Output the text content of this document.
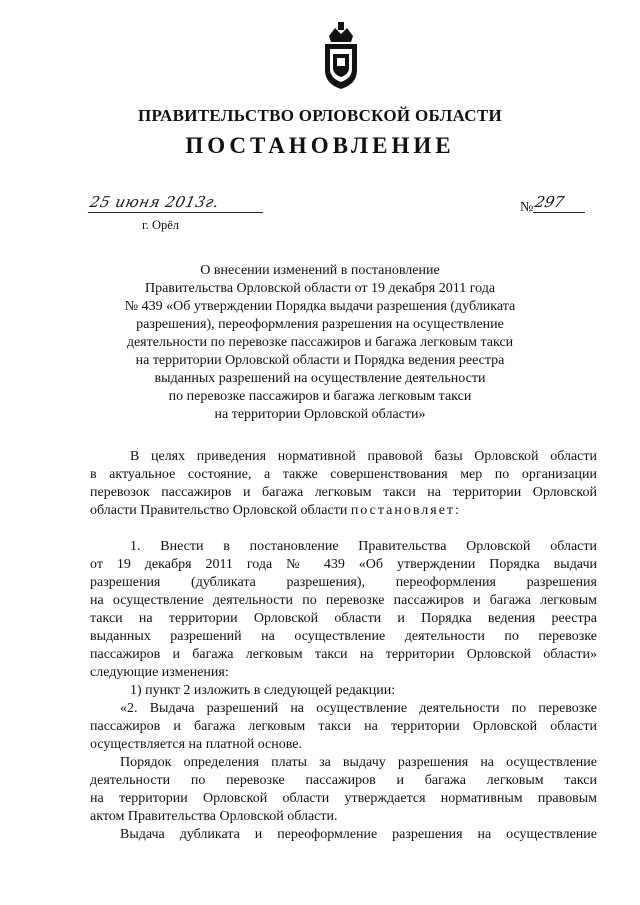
ПРАВИТЕЛЬСТВО ОРЛОВСКОЙ ОБЛАСТИ
ПОСТАНОВЛЕНИЕ
25 июня 2013г.
г. Орёл
№ 297
О внесении изменений в постановление
Правительства Орловской области от 19 декабря 2011 года
№ 439 «Об утверждении Порядка выдачи разрешения (дубликата
разрешения), переоформления разрешения на осуществление
деятельности по перевозке пассажиров и багажа легковым такси
на территории Орловской области и Порядка ведения реестра
выданных разрешений на осуществление деятельности
по перевозке пассажиров и багажа легковым такси
на территории Орловской области»
В целях приведения нормативной правовой базы Орловской области
в актуальное состояние, а также совершенствования мер по организации
перевозок пассажиров и багажа легковым такси на территории Орловской
области Правительство Орловской области постановляет:
1. Внести в постановление Правительства Орловской области
от 19 декабря 2011 года № 439 «Об утверждении Порядка выдачи
разрешения (дубликата разрешения), переоформления разрешения
на осуществление деятельности по перевозке пассажиров и багажа легковым
такси на территории Орловской области и Порядка ведения реестра
выданных разрешений на осуществление деятельности по перевозке
пассажиров и багажа легковым такси на территории Орловской области»
следующие изменения:
1) пункт 2 изложить в следующей редакции:
«2. Выдача разрешений на осуществление деятельности по перевозке
пассажиров и багажа легковым такси на территории Орловской области
осуществляется на платной основе.
Порядок определения платы за выдачу разрешения на осуществление
деятельности по перевозке пассажиров и багажа легковым такси
на территории Орловской области утверждается нормативным правовым
актом Правительства Орловской области.
Выдача дубликата и переоформление разрешения на осуществление
